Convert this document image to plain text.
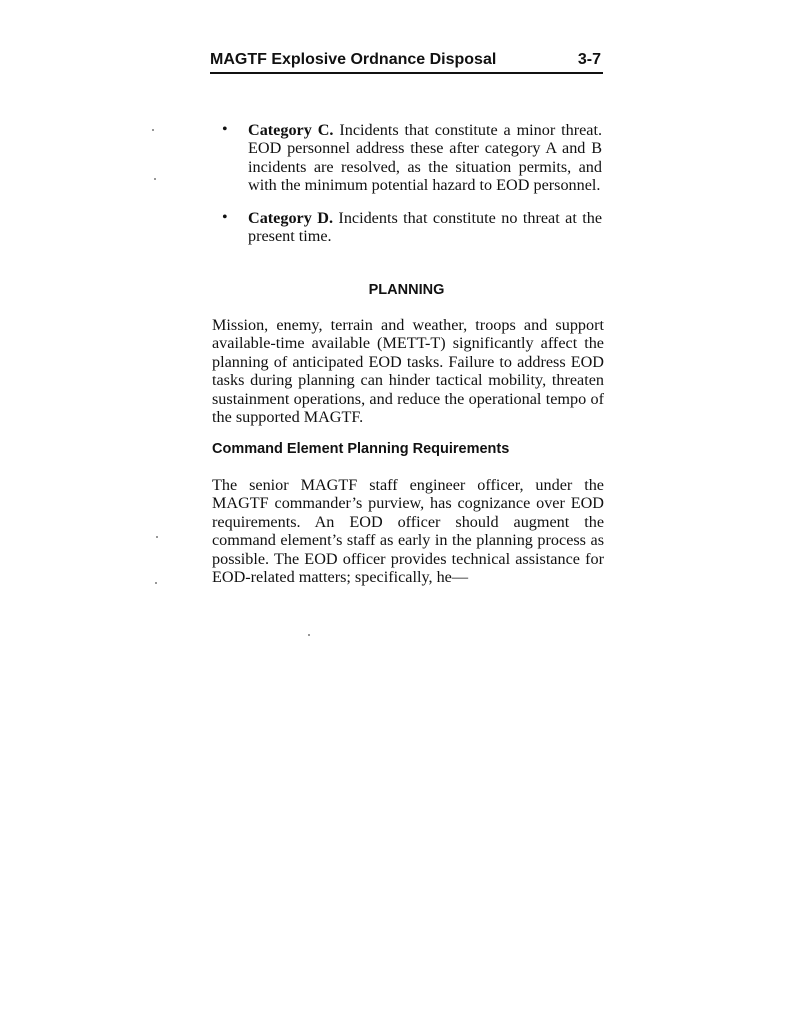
MAGTF Explosive Ordnance Disposal	3-7
• Category C. Incidents that constitute a minor threat. EOD personnel address these after category A and B incidents are resolved, as the situation permits, and with the minimum potential hazard to EOD personnel.
• Category D. Incidents that constitute no threat at the present time.
PLANNING
Mission, enemy, terrain and weather, troops and support available-time available (METT-T) significantly affect the planning of anticipated EOD tasks. Failure to address EOD tasks during planning can hinder tactical mobility, threaten sustainment operations, and reduce the operational tempo of the supported MAGTF.
Command Element Planning Requirements
The senior MAGTF staff engineer officer, under the MAGTF commander’s purview, has cognizance over EOD requirements. An EOD officer should augment the command element’s staff as early in the planning process as possible. The EOD officer provides technical assistance for EOD-related matters; specifically, he—
